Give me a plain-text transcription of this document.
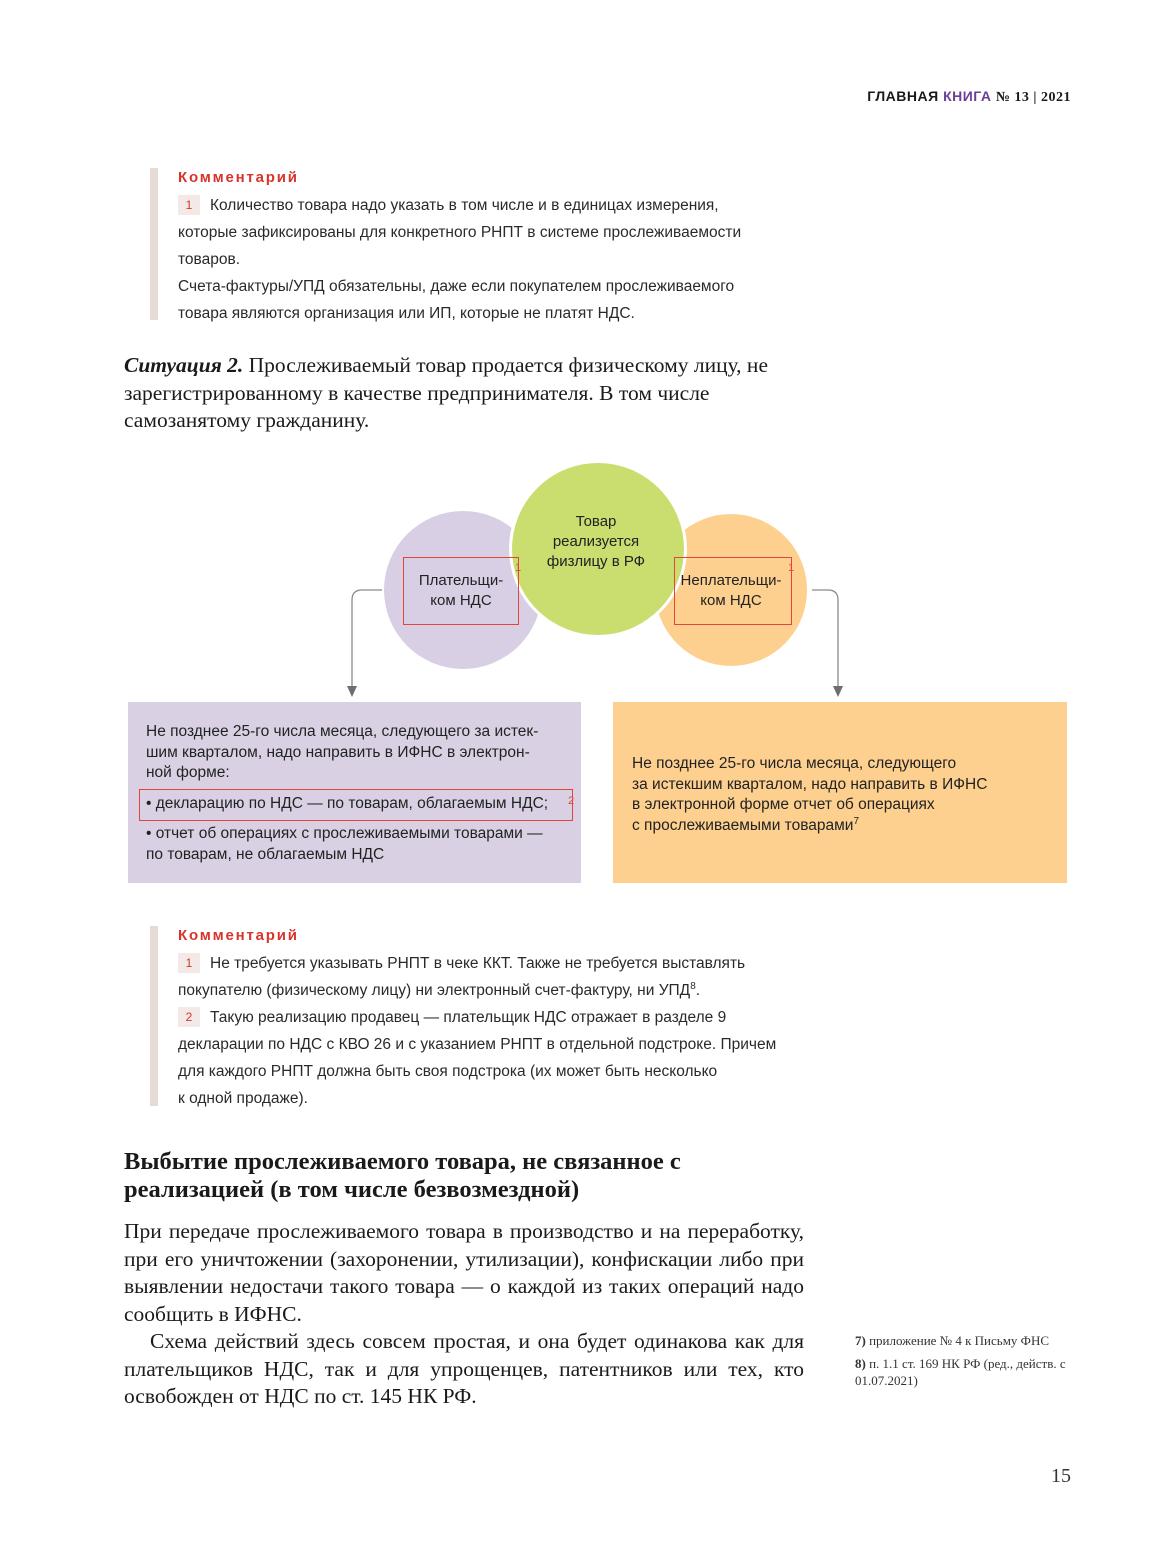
ГЛАВНАЯ КНИГА № 13 | 2021
Комментарий
1 Количество товара надо указать в том числе и в единицах измерения,
которые зафиксированы для конкретного РНПТ в системе прослеживаемости
товаров.
Счета-фактуры/УПД обязательны, даже если покупателем прослеживаемого
товара являются организация или ИП, которые не платят НДС.
Ситуация 2. Прослеживаемый товар продается физическому лицу, не зарегистрированному в качестве предпринимателя. В том числе самозанятому гражданину.
Товар реализуется физлицу в РФ
Плательщи-
ком НДС
1
Неплательщи-
ком НДС
1
Не позднее 25-го числа месяца, следующего за истек-
шим кварталом, надо направить в ИФНС в электрон-
ной форме:
• декларацию по НДС — по товарам, облагаемым НДС;
• отчет об операциях с прослеживаемыми товарами —
по товарам, не облагаемым НДС
2
Не позднее 25-го числа месяца, следующего
за истекшим кварталом, надо направить в ИФНС
в электронной форме отчет об операциях
с прослеживаемыми товарами$^7$
Комментарий
1 Не требуется указывать РНПТ в чеке ККТ. Также не требуется выставлять
покупателю (физическому лицу) ни электронный счет-фактуру, ни УПД$^8$.
2 Такую реализацию продавец — плательщик НДС отражает в разделе 9
декларации по НДС с КВО 26 и с указанием РНПТ в отдельной подстроке. Причем
для каждого РНПТ должна быть своя подстрока (их может быть несколько
к одной продаже).
Выбытие прослеживаемого товара, не связанное с реализацией (в том числе безвозмездной)
При передаче прослеживаемого товара в производство и на переработку, при его уничтожении (захоронении, утилизации), конфискации либо при выявлении недостачи такого товара — о каждой из таких операций надо сообщить в ИФНС.
Схема действий здесь совсем простая, и она будет одинакова как для плательщиков НДС, так и для упрощенцев, патентников или тех, кто освобожден от НДС по ст. 145 НК РФ.
7) приложение № 4 к Письму ФНС
8) п. 1.1 ст. 169 НК РФ (ред., действ. с 01.07.2021)
15
